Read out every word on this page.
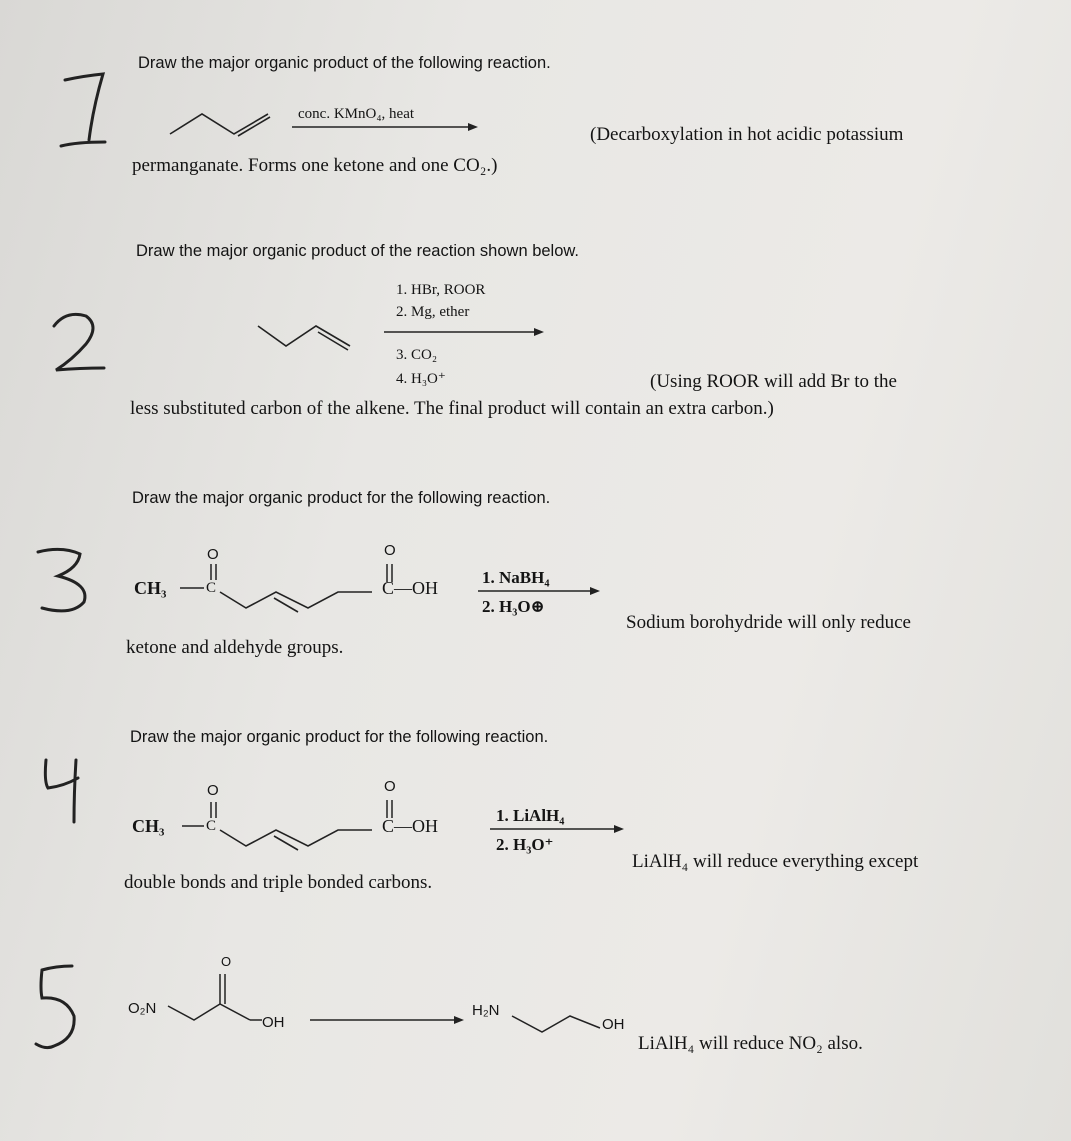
Draw the major organic product of the following reaction.
conc. KMnO₄, heat
(Decarboxylation in hot acidic potassium
permanganate. Forms one ketone and one CO₂.)
Draw the major organic product of the reaction shown below.
1. HBr, ROOR
2. Mg, ether
3. CO₂
4. H₃O⁺	(Using ROOR will add Br to the
less substituted carbon of the alkene. The final product will contain an extra carbon.)
Draw the major organic product for the following reaction.
CH₃	C
O	O
C—OH
1. NaBH₄
2. H₃O⊕
Sodium borohydride will only reduce
ketone and aldehyde groups.
Draw the major organic product for the following reaction.
CH₃	C
O	O
C—OH
1. LiAlH₄
2. H₃O⁺
LiAlH₄ will reduce everything except
double bonds and triple bonded carbons.
O₂N
O
OH
H₂N
OH
LiAlH₄ will reduce NO₂ also.
